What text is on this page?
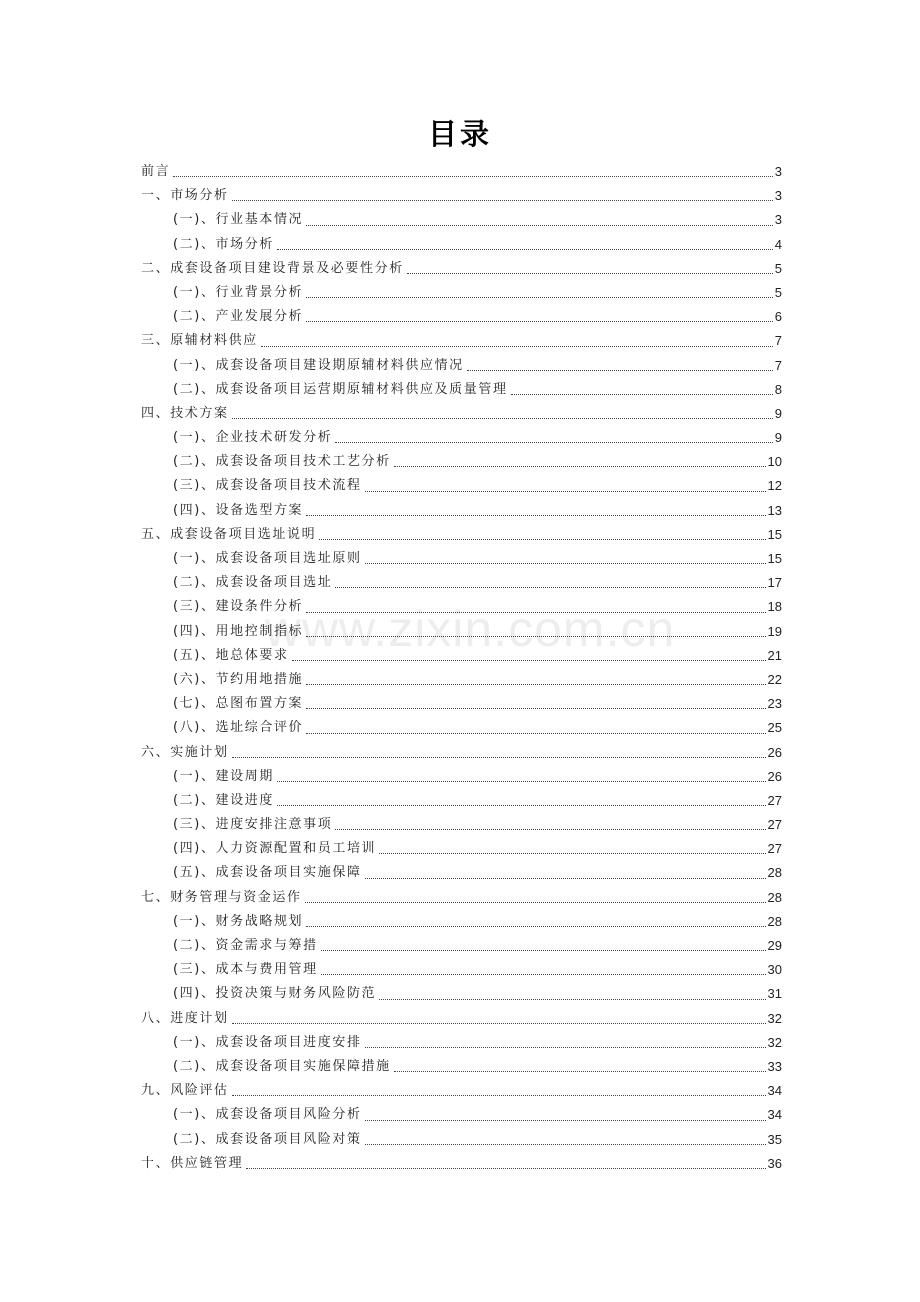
目录
前言	3
一、市场分析	3
(一)、行业基本情况	3
(二)、市场分析	4
二、成套设备项目建设背景及必要性分析	5
(一)、行业背景分析	5
(二)、产业发展分析	6
三、原辅材料供应	7
(一)、成套设备项目建设期原辅材料供应情况	7
(二)、成套设备项目运营期原辅材料供应及质量管理	8
四、技术方案	9
(一)、企业技术研发分析	9
(二)、成套设备项目技术工艺分析	10
(三)、成套设备项目技术流程	12
(四)、设备选型方案	13
五、成套设备项目选址说明	15
(一)、成套设备项目选址原则	15
(二)、成套设备项目选址	17
(三)、建设条件分析	18
(四)、用地控制指标	19
(五)、地总体要求	21
(六)、节约用地措施	22
(七)、总图布置方案	23
(八)、选址综合评价	25
六、实施计划	26
(一)、建设周期	26
(二)、建设进度	27
(三)、进度安排注意事项	27
(四)、人力资源配置和员工培训	27
(五)、成套设备项目实施保障	28
七、财务管理与资金运作	28
(一)、财务战略规划	28
(二)、资金需求与筹措	29
(三)、成本与费用管理	30
(四)、投资决策与财务风险防范	31
八、进度计划	32
(一)、成套设备项目进度安排	32
(二)、成套设备项目实施保障措施	33
九、风险评估	34
(一)、成套设备项目风险分析	34
(二)、成套设备项目风险对策	35
十、供应链管理	36
www.zixin.com.cn
